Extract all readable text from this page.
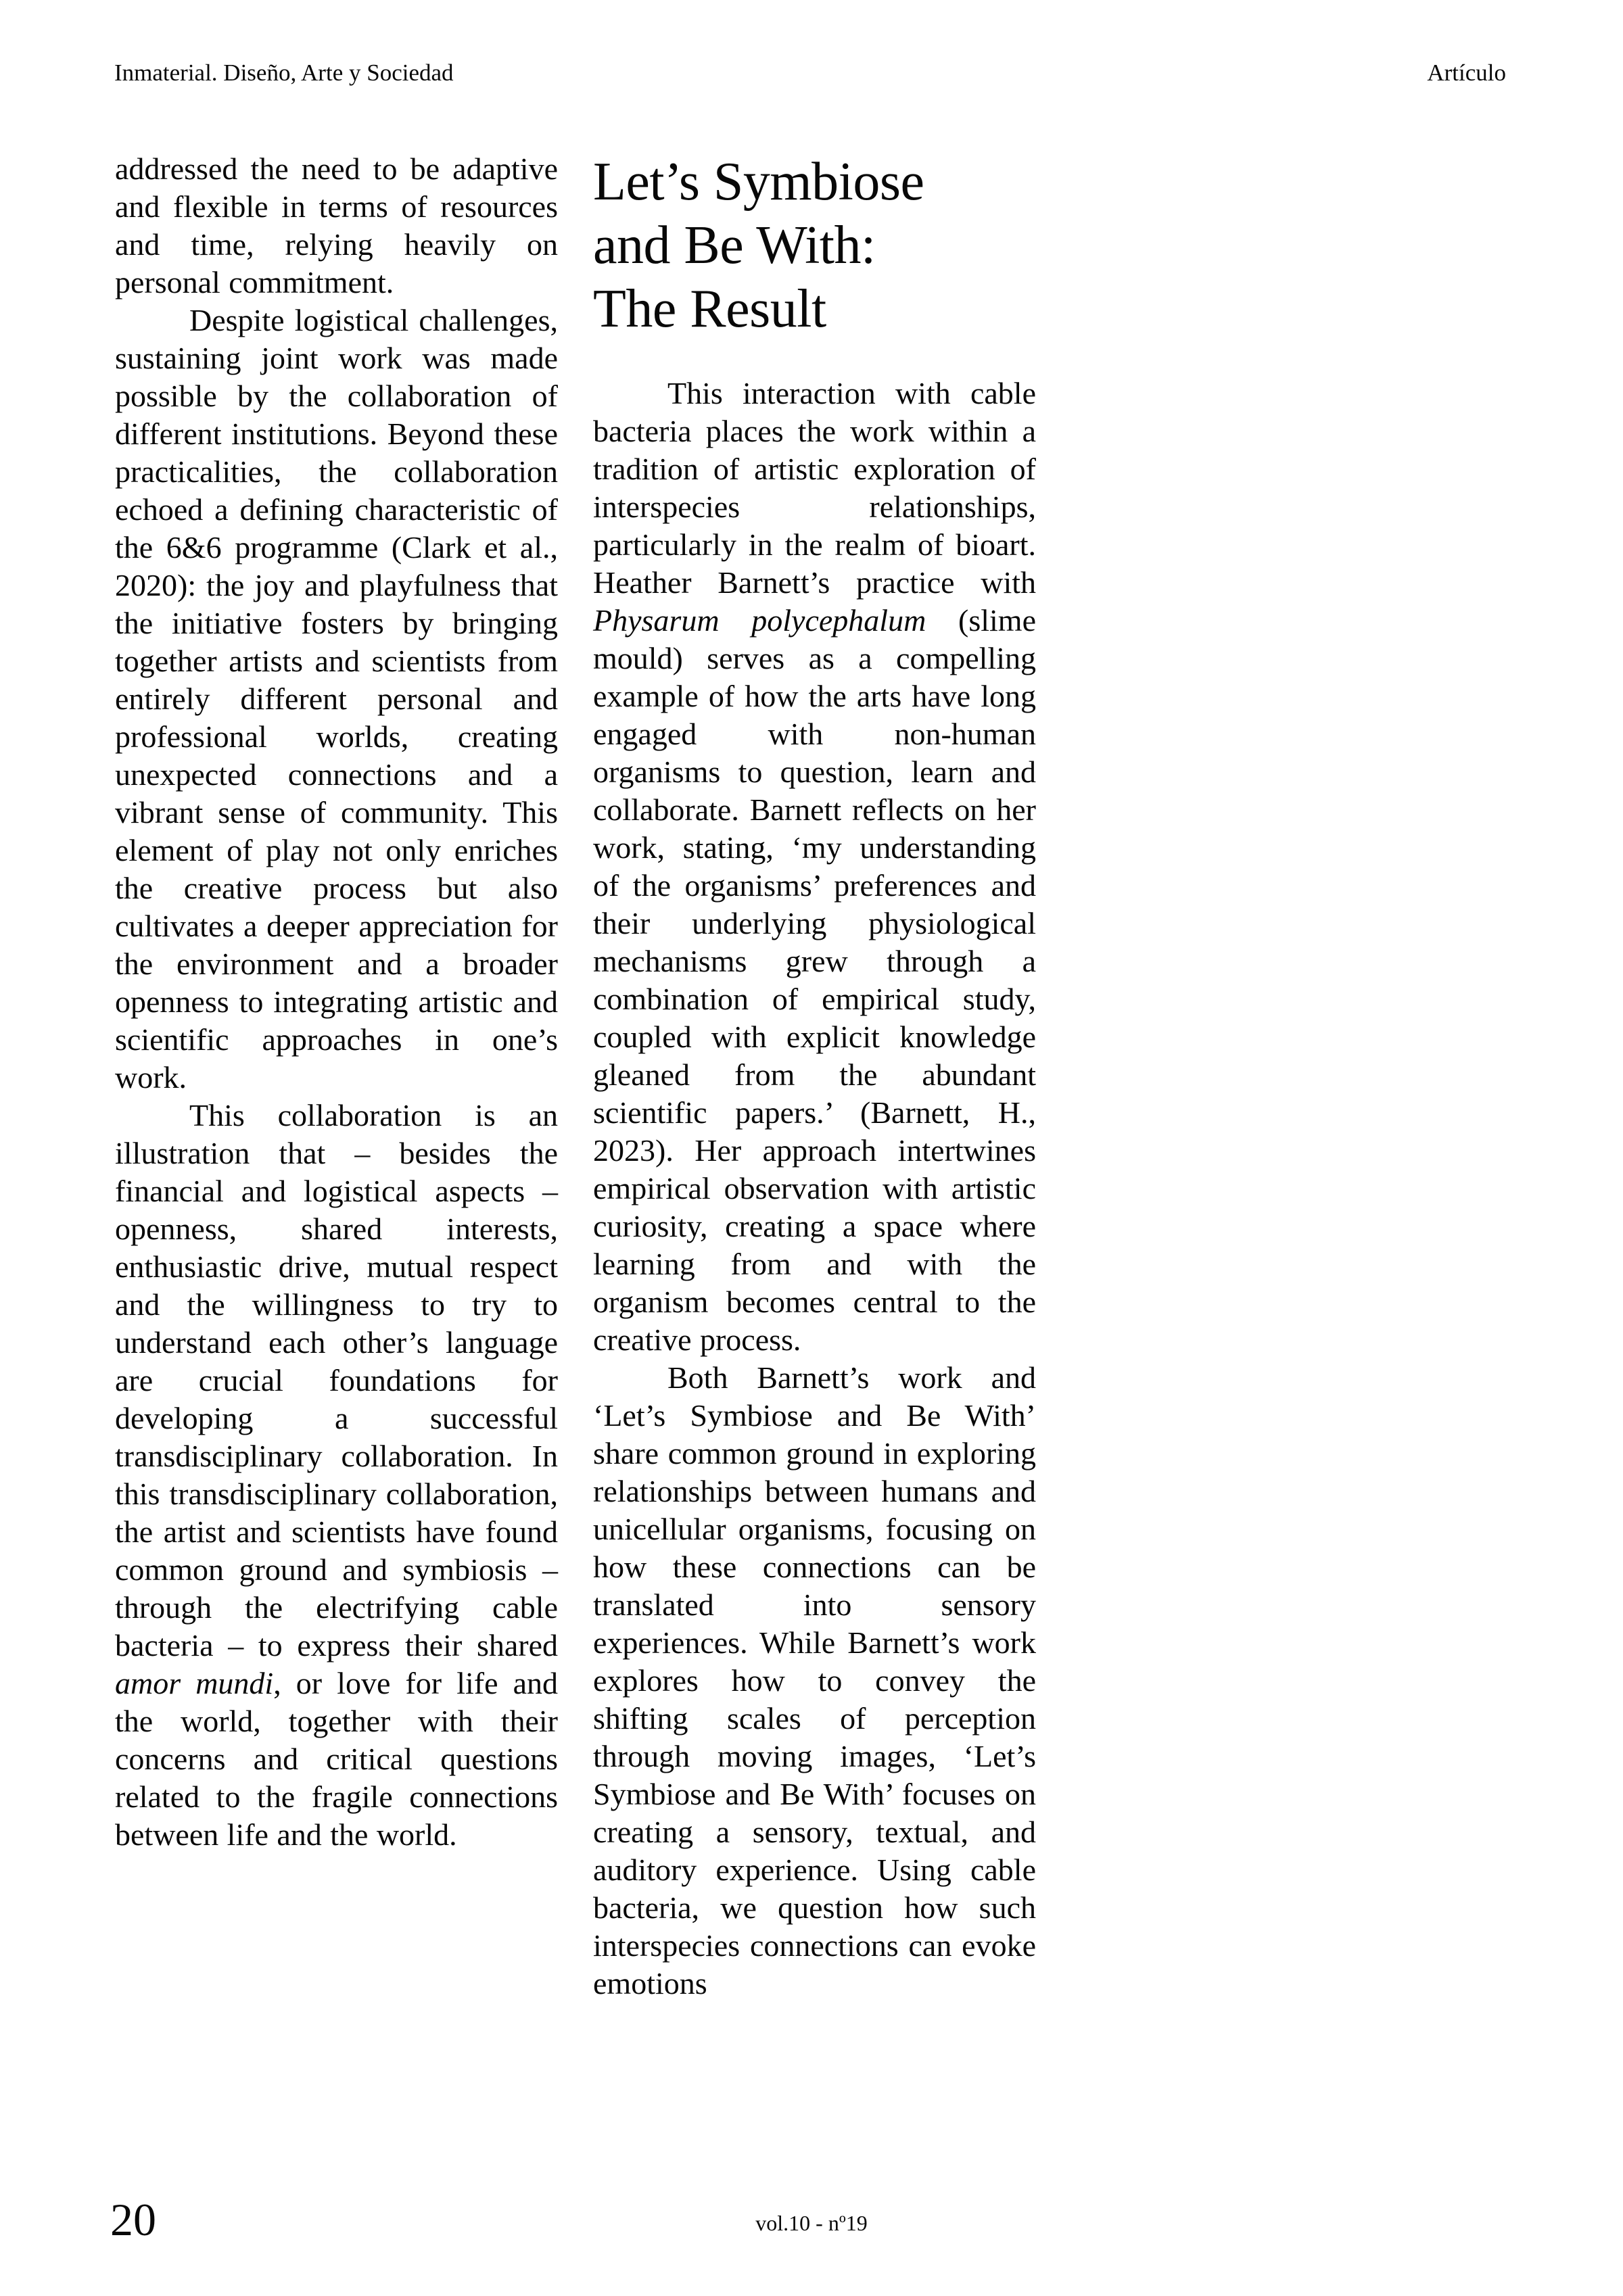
Inmaterial. Diseño, Arte y Sociedad	Artículo

addressed the need to be adaptive and flexible in terms of resources and time, relying heavily on personal commitment.

Despite logistical challenges, sustaining joint work was made possible by the collaboration of different institutions. Beyond these practicalities, the collaboration echoed a defining characteristic of the 6&6 programme (Clark et al., 2020): the joy and playfulness that the initiative fosters by bringing together artists and scientists from entirely different personal and professional worlds, creating unexpected connections and a vibrant sense of community. This element of play not only enriches the creative process but also cultivates a deeper appreciation for the environment and a broader openness to integrating artistic and scientific approaches in one’s work.

This collaboration is an illustration that – besides the financial and logistical aspects – openness, shared interests, enthusiastic drive, mutual respect and the willingness to try to understand each other’s language are crucial foundations for developing a successful transdisciplinary collaboration. In this transdisciplinary collaboration, the artist and scientists have found common ground and symbiosis – through the electrifying cable bacteria – to express their shared amor mundi, or love for life and the world, together with their concerns and critical questions related to the fragile connections between life and the world.

Let’s Symbiose
and Be With:
The Result

This interaction with cable bacteria places the work within a tradition of artistic exploration of interspecies relationships, particularly in the realm of bioart. Heather Barnett’s practice with Physarum polycephalum (slime mould) serves as a compelling example of how the arts have long engaged with non-human organisms to question, learn and collaborate. Barnett reflects on her work, stating, ‘my understanding of the organisms’ preferences and their underlying physiological mechanisms grew through a combination of empirical study, coupled with explicit knowledge gleaned from the abundant scientific papers.’ (Barnett, H., 2023). Her approach intertwines empirical observation with artistic curiosity, creating a space where learning from and with the organism becomes central to the creative process.

Both Barnett’s work and ‘Let’s Symbiose and Be With’ share common ground in exploring relationships between humans and unicellular organisms, focusing on how these connections can be translated into sensory experiences. While Barnett’s work explores how to convey the shifting scales of perception through moving images, ‘Let’s Symbiose and Be With’ focuses on creating a sensory, textual, and auditory experience. Using cable bacteria, we question how such interspecies connections can evoke emotions

20	vol.10 - nº19
